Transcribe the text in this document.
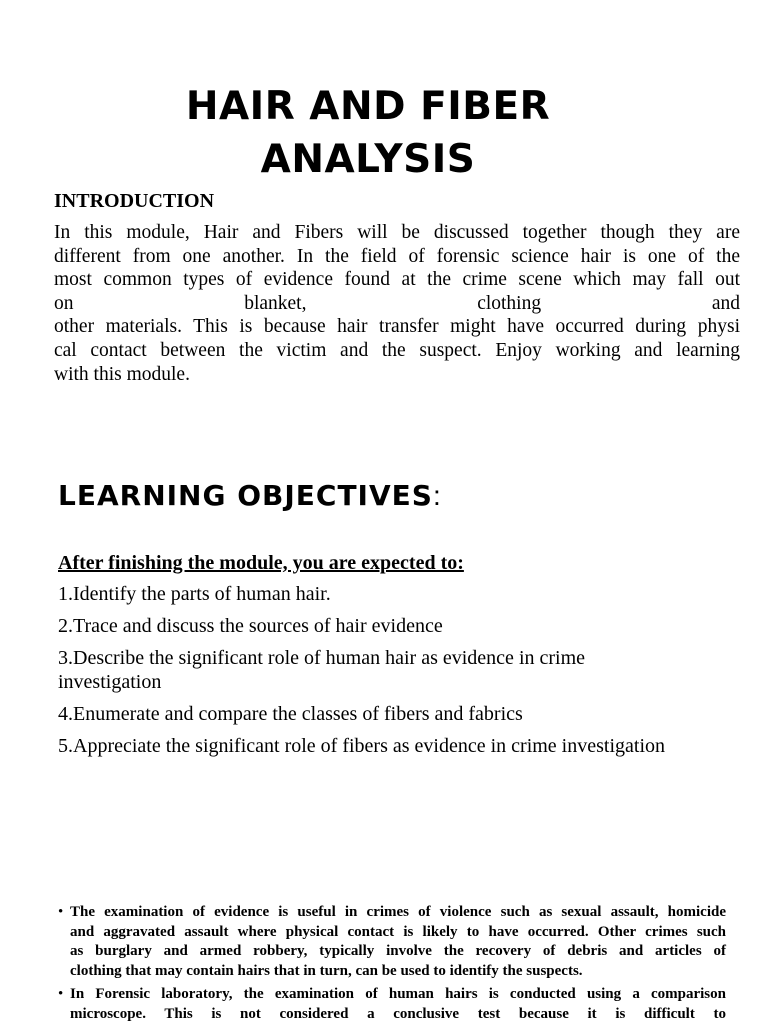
HAIR AND FIBER
ANALYSIS
INTRODUCTION
In this module, Hair and Fibers will be discussed together though they are
different from one another. In the field of forensic science hair is one of the
most common types of evidence found at the crime scene which may fall out
on	blanket,	clothing	and
other materials. This is because hair transfer might have occurred during physi
cal contact between the victim and the suspect. Enjoy working and learning
with this module.
LEARNING OBJECTIVES:
After finishing the module, you are expected to:
1.Identify the parts of human hair.
2.Trace and discuss the sources of hair evidence
3.Describe the significant role of human hair as evidence in crime investigation
4.Enumerate and compare the classes of fibers and fabrics
5.Appreciate the significant role of fibers as evidence in crime investigation
• The examination of evidence is useful in crimes of violence such as sexual assault, homicide
and aggravated assault where physical contact is likely to have occurred. Other crimes such
as burglary and armed robbery, typically involve the recovery of debris and articles of
clothing that may contain hairs that in turn, can be used to identify the suspects.
• In Forensic laboratory, the examination of human hairs is conducted using a comparison
microscope. This is not considered a conclusive test because it is difficult to
